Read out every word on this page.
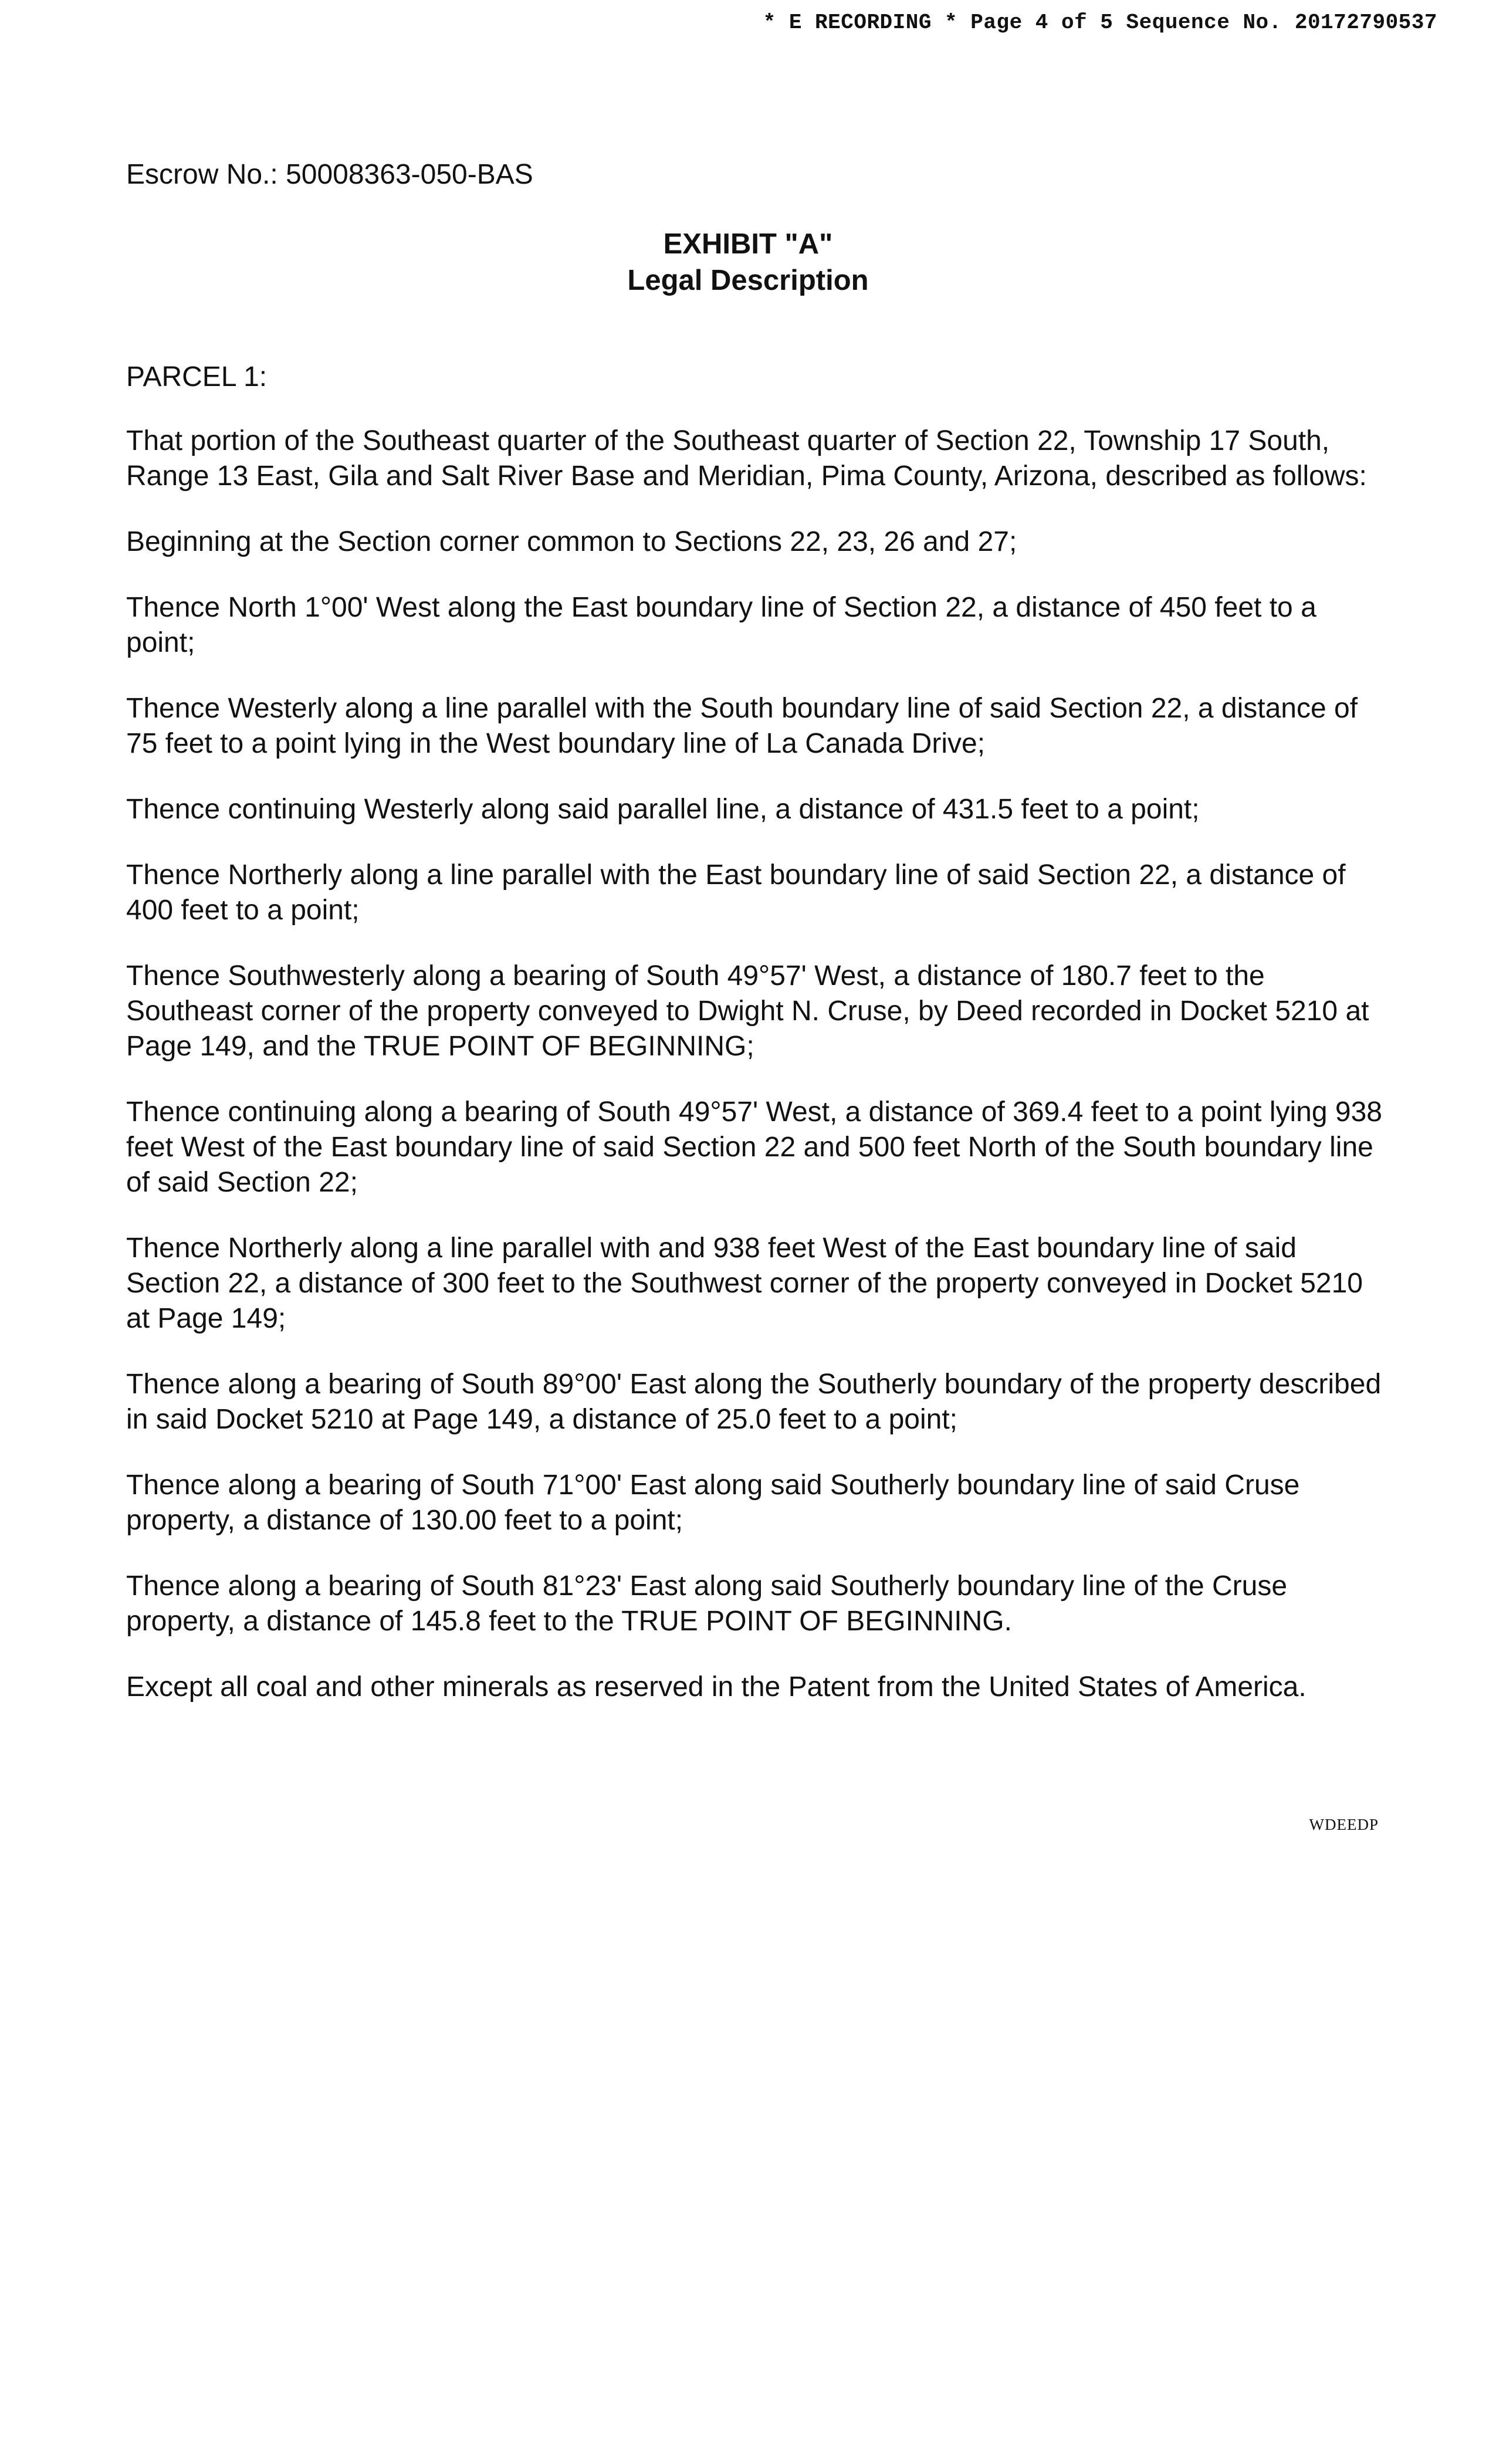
* E RECORDING * Page 4 of 5 Sequence No. 20172790537
Escrow No.: 50008363-050-BAS
EXHIBIT "A"
Legal Description
PARCEL 1:

That portion of the Southeast quarter of the Southeast quarter of Section 22, Township 17 South, Range 13 East, Gila and Salt River Base and Meridian, Pima County, Arizona, described as follows:

Beginning at the Section corner common to Sections 22, 23, 26 and 27;

Thence North 1°00' West along the East boundary line of Section 22, a distance of 450 feet to a point;

Thence Westerly along a line parallel with the South boundary line of said Section 22, a distance of 75 feet to a point lying in the West boundary line of La Canada Drive;

Thence continuing Westerly along said parallel line, a distance of 431.5 feet to a point;

Thence Northerly along a line parallel with the East boundary line of said Section 22, a distance of 400 feet to a point;

Thence Southwesterly along a bearing of South 49°57' West, a distance of 180.7 feet to the Southeast corner of the property conveyed to Dwight N. Cruse, by Deed recorded in Docket 5210 at Page 149, and the TRUE POINT OF BEGINNING;

Thence continuing along a bearing of South 49°57' West, a distance of 369.4 feet to a point lying 938 feet West of the East boundary line of said Section 22 and 500 feet North of the South boundary line of said Section 22;

Thence Northerly along a line parallel with and 938 feet West of the East boundary line of said Section 22, a distance of 300 feet to the Southwest corner of the property conveyed in Docket 5210 at Page 149;

Thence along a bearing of South 89°00' East along the Southerly boundary of the property described in said Docket 5210 at Page 149, a distance of 25.0 feet to a point;

Thence along a bearing of South 71°00' East along said Southerly boundary line of said Cruse property, a distance of 130.00 feet to a point;

Thence along a bearing of South 81°23' East along said Southerly boundary line of the Cruse property, a distance of 145.8 feet to the TRUE POINT OF BEGINNING.

Except all coal and other minerals as reserved in the Patent from the United States of America.

WDEEDP
